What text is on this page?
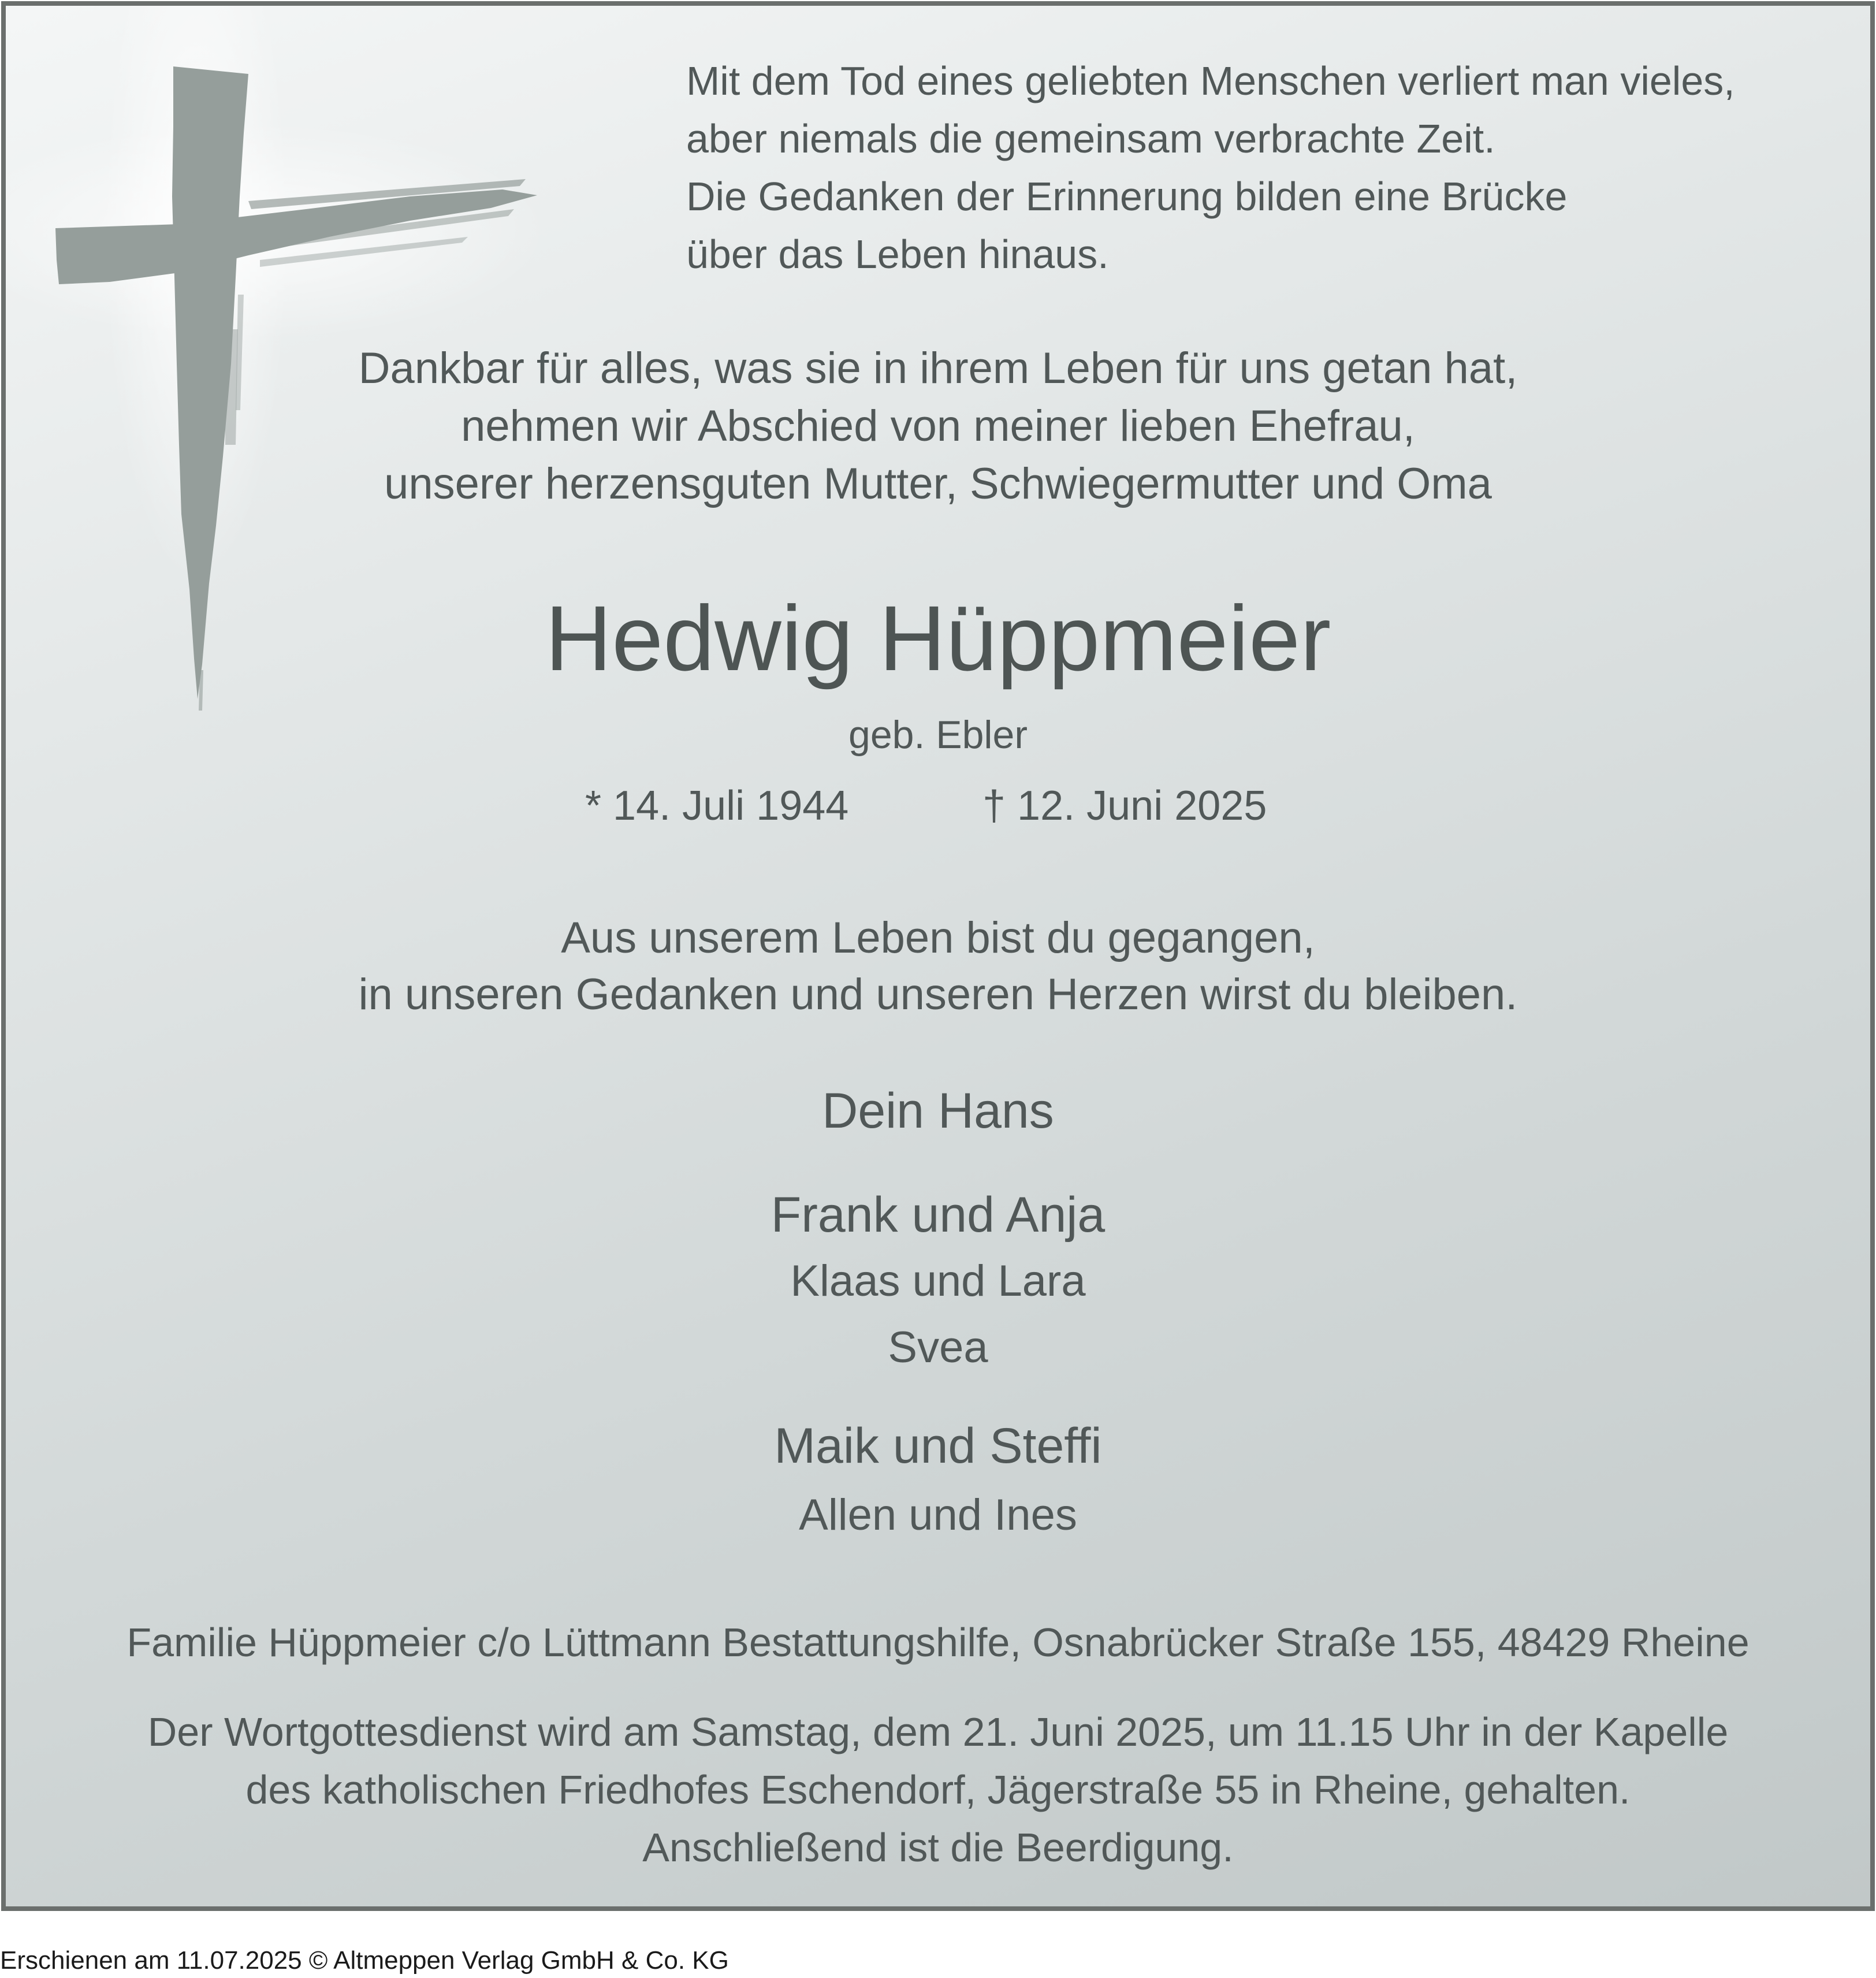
Mit dem Tod eines geliebten Menschen verliert man vieles,
aber niemals die gemeinsam verbrachte Zeit.
Die Gedanken der Erinnerung bilden eine Brücke
über das Leben hinaus.
Dankbar für alles, was sie in ihrem Leben für uns getan hat,
nehmen wir Abschied von meiner lieben Ehefrau,
unserer herzensguten Mutter, Schwiegermutter und Oma
Hedwig Hüppmeier
geb. Ebler
* 14. Juli 1944	† 12. Juni 2025
Aus unserem Leben bist du gegangen,
in unseren Gedanken und unseren Herzen wirst du bleiben.
Dein Hans
Frank und Anja
Klaas und Lara
Svea
Maik und Steffi
Allen und Ines
Familie Hüppmeier c/o Lüttmann Bestattungshilfe, Osnabrücker Straße 155, 48429 Rheine
Der Wortgottesdienst wird am Samstag, dem 21. Juni 2025, um 11.15 Uhr in der Kapelle
des katholischen Friedhofes Eschendorf, Jägerstraße 55 in Rheine, gehalten.
Anschließend ist die Beerdigung.
Erschienen am 11.07.2025 © Altmeppen Verlag GmbH & Co. KG
